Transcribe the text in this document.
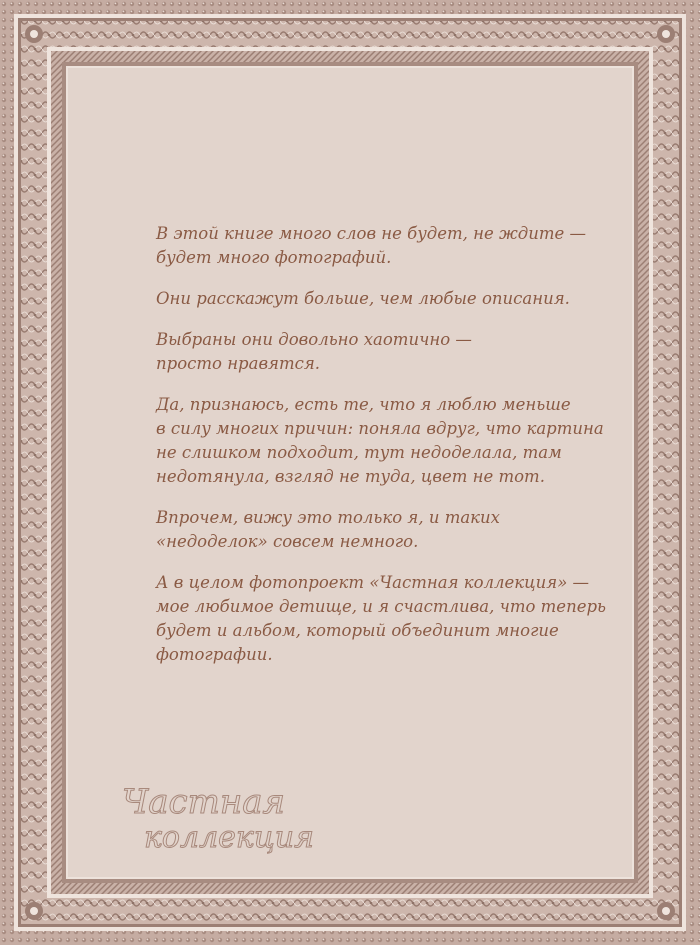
В этой книге много слов не будет, не ждите —
будет много фотографий.

Они расскажут больше, чем любые описания.

Выбраны они довольно хаотично —
просто нравятся.

Да, признаюсь, есть те, что я люблю меньше
в силу многих причин: поняла вдруг, что картина
не слишком подходит, тут недоделала, там
недотянула, взгляд не туда, цвет не тот.

Впрочем, вижу это только я, и таких
«недоделок» совсем немного.

А в целом фотопроект «Частная коллекция» —
мое любимое детище, и я счастлива, что теперь
будет и альбом, который объединит многие
фотографии.

Частная
коллекция
